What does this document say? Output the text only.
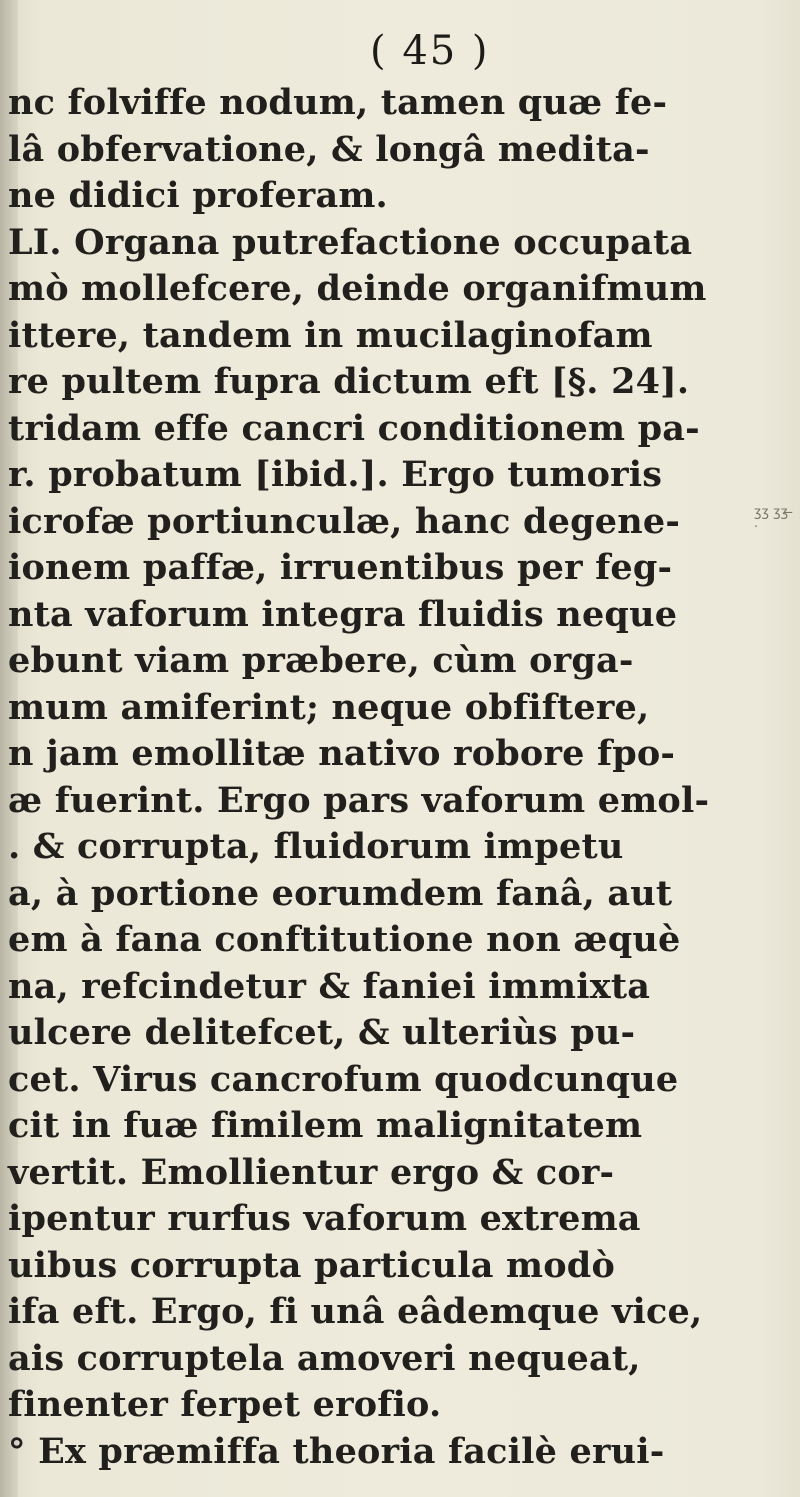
( 45 )
ʒʒ ʒʒ ̶ ·
nc folviffe nodum, tamen quæ fe-
lâ obfervatione, & longâ medita-
ne didici proferam.
LI. Organa putrefactione occupata
mò mollefcere, deinde organifmum
ittere, tandem in mucilaginofam
re pultem fupra dictum eft [§. 24].
tridam effe cancri conditionem pa-
r. probatum [ibid.]. Ergo tumoris
icrofæ portiunculæ, hanc degene-
ionem paffæ, irruentibus per feg-
nta vaforum integra fluidis neque
ebunt viam præbere, cùm orga-
mum amiferint; neque obfiftere,
n jam emollitæ nativo robore fpo-
æ fuerint. Ergo pars vaforum emol-
. & corrupta, fluidorum impetu
a, à portione eorumdem fanâ, aut
em à fana conftitutione non æquè
na, refcindetur & faniei immixta
ulcere delitefcet, & ulteriùs pu-
cet. Virus cancrofum quodcunque
cit in fuæ fimilem malignitatem
vertit. Emollientur ergo & cor-
ipentur rurfus vaforum extrema
uibus corrupta particula modò
ifa eft. Ergo, fi unâ eâdemque vice,
ais corruptela amoveri nequeat,
finenter ferpet erofio.
° Ex præmiffa theoria facilè erui-
